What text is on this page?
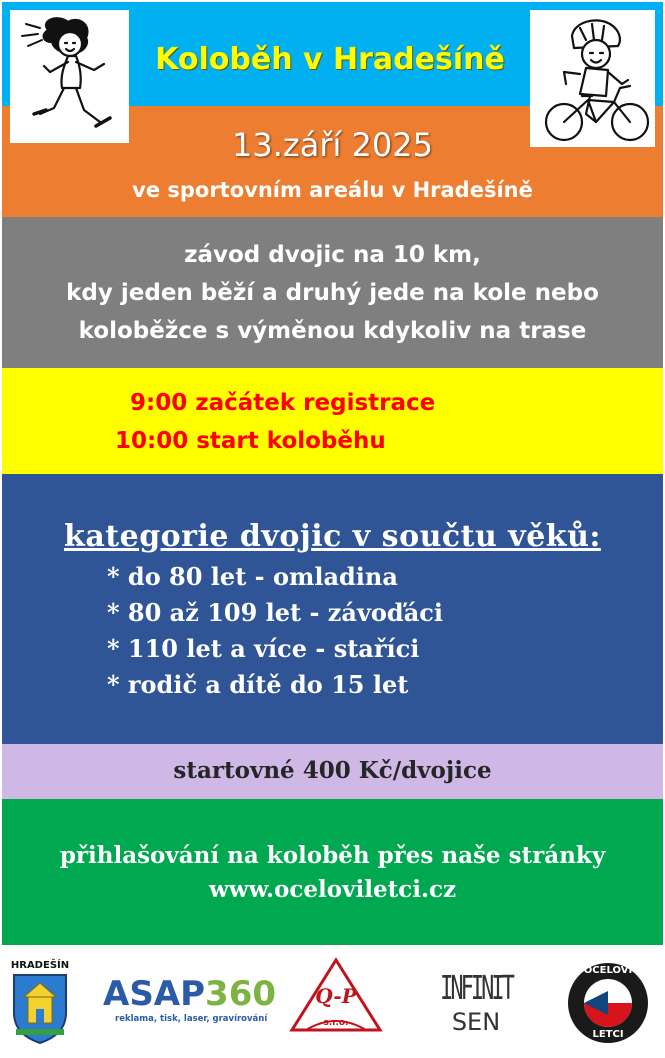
Koloběh v Hradešíně
13.září 2025
ve sportovním areálu v Hradešíně
závod dvojic na 10 km,
kdy jeden běží a druhý jede na kole nebo
koloběžce s výměnou kdykoliv na trase
9:00 začátek registrace
10:00 start koloběhu
kategorie dvojic v součtu věků:
* do 80 let - omladina
* 80 až 109 let - závoďáci
* 110 let a více - staříci
* rodič a dítě do 15 let
startovné 400 Kč/dvojice
přihlašování na koloběh přes naše stránky
www.oceloviletci.cz
HRADEŠÍN
ASAP360
reklama, tisk, laser, gravírování
Q-P
s.r.o.
INFINIT
SEN
OCELOVÍ
LETCI
